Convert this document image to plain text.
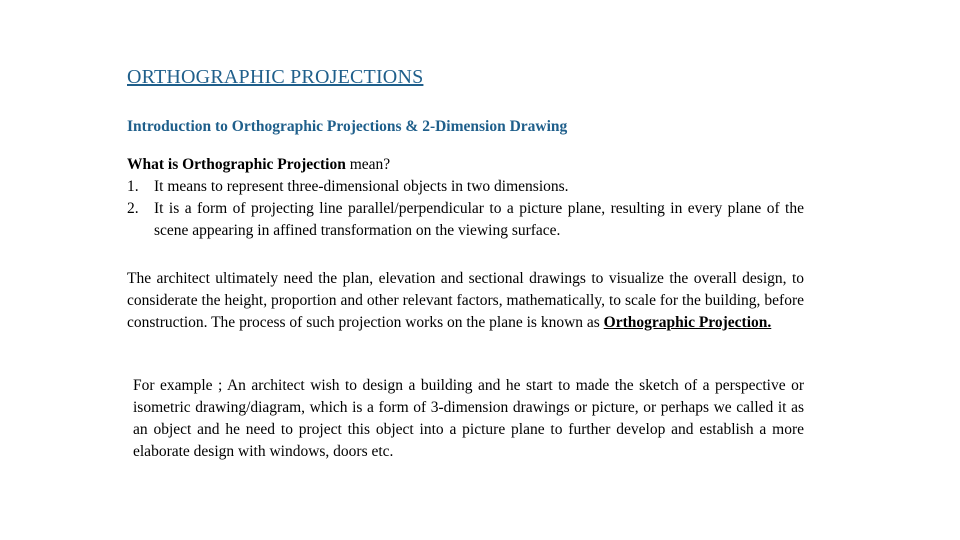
ORTHOGRAPHIC PROJECTIONS
Introduction to Orthographic Projections & 2-Dimension Drawing

What is Orthographic Projection mean?

1. It means to represent three-dimensional objects in two dimensions.
2. It is a form of projecting line parallel/perpendicular to a picture plane, resulting in every plane of the scene appearing in affined transformation on the viewing surface.

The architect ultimately need the plan, elevation and sectional drawings to visualize the overall design, to considerate the height, proportion and other relevant factors, mathematically, to scale for the building, before construction. The process of such projection works on the plane is known as Orthographic Projection.

For example ; An architect wish to design a building and he start to made the sketch of a perspective or isometric drawing/diagram, which is a form of 3-dimension drawings or picture, or perhaps we called it as an object and he need to project this object into a picture plane to further develop and establish a more elaborate design with windows, doors etc.
